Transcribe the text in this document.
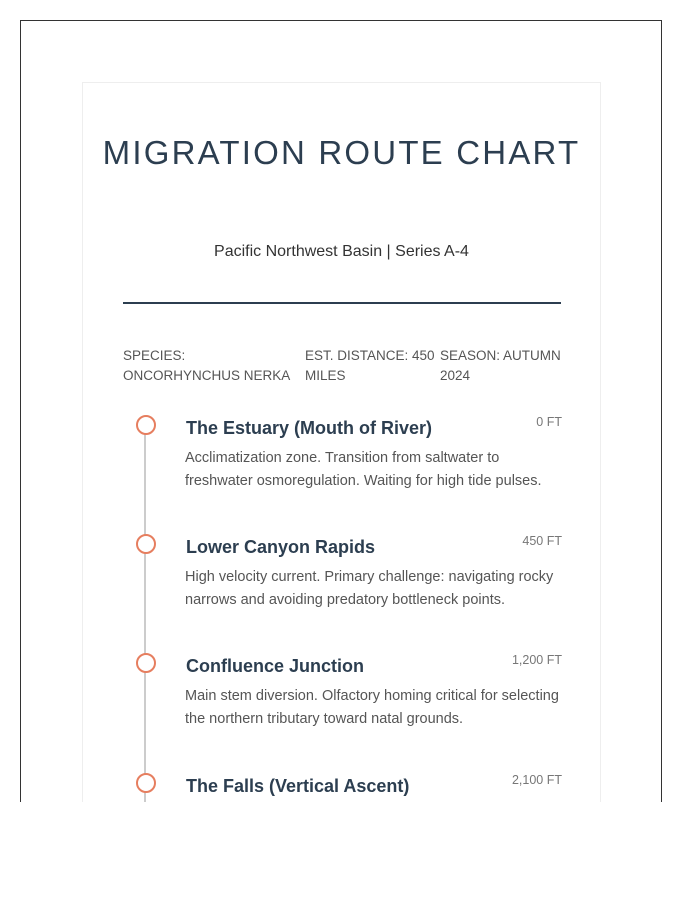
MIGRATION ROUTE CHART
Pacific Northwest Basin | Series A-4
SPECIES: ONCORHYNCHUS NERKA
EST. DISTANCE: 450 MILES
SEASON: AUTUMN 2024
The Estuary (Mouth of River)	0 FT
Acclimatization zone. Transition from saltwater to freshwater osmoregulation. Waiting for high tide pulses.
Lower Canyon Rapids	450 FT
High velocity current. Primary challenge: navigating rocky narrows and avoiding predatory bottleneck points.
Confluence Junction	1,200 FT
Main stem diversion. Olfactory homing critical for selecting the northern tributary toward natal grounds.
The Falls (Vertical Ascent)	2,100 FT
